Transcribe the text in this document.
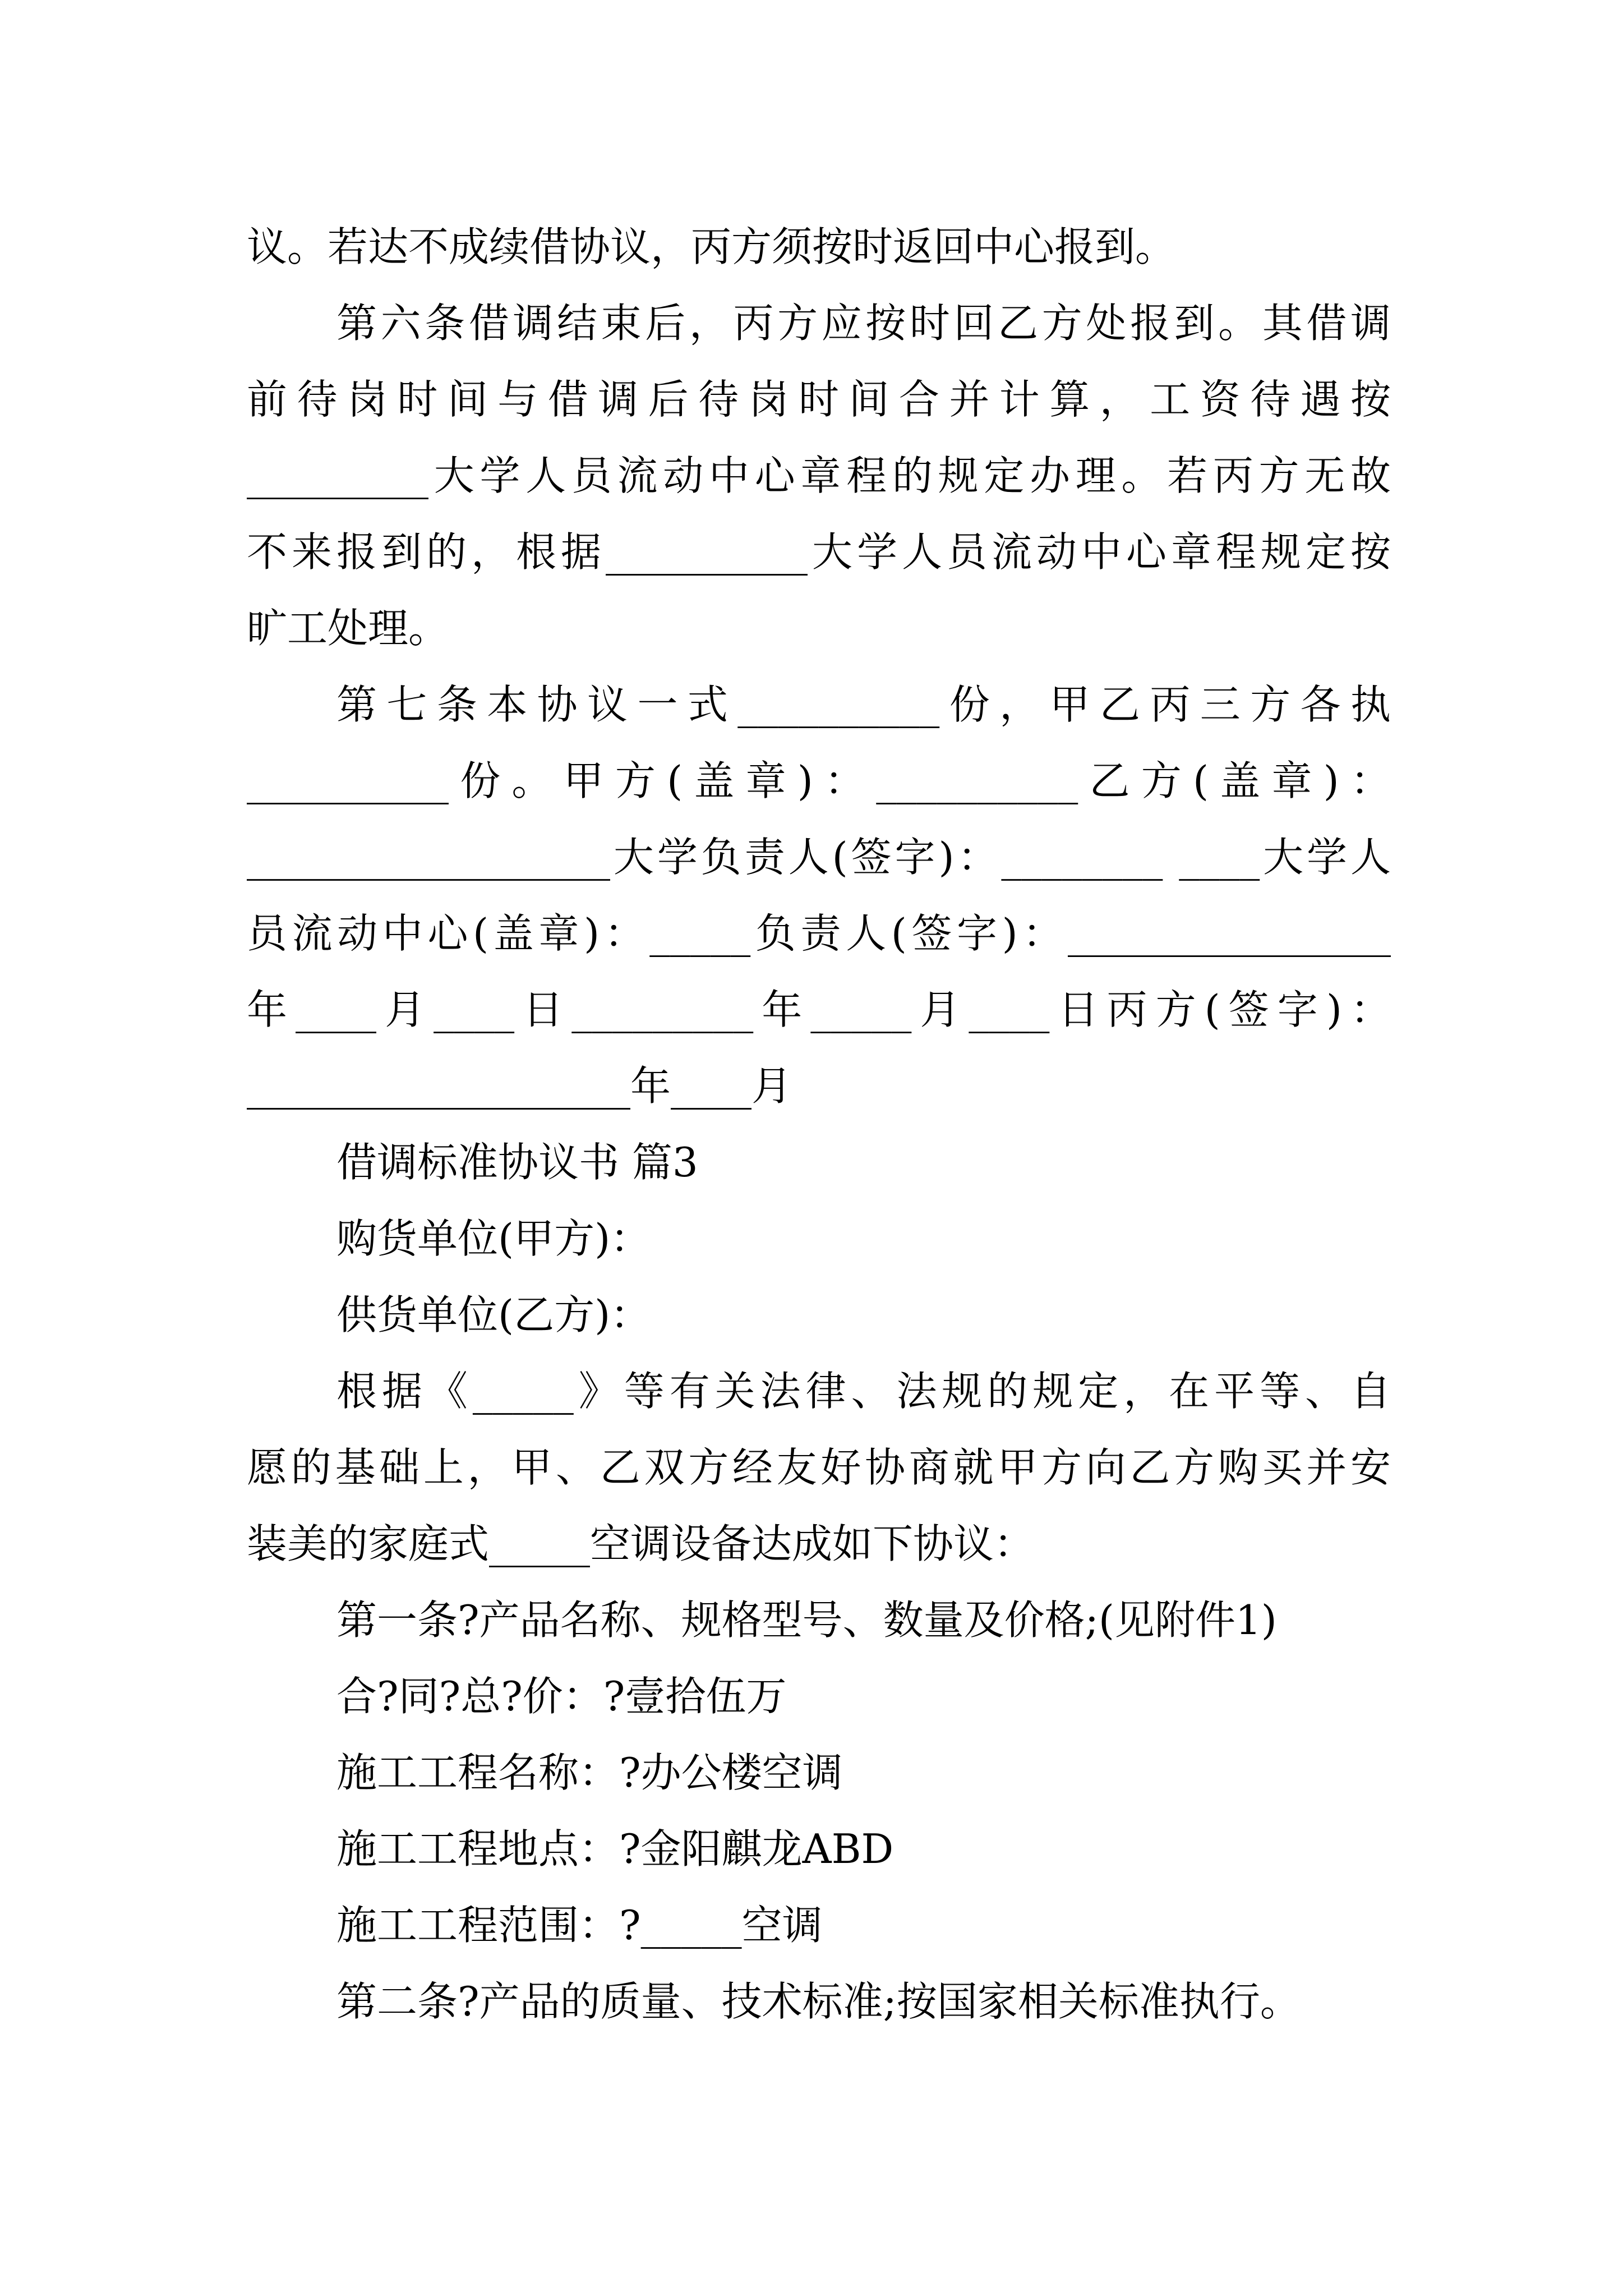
议。若达不成续借协议，丙方须按时返回中心报到。

第六条借调结束后，丙方应按时回乙方处报到。其借调

前待岗时间与借调后待岗时间合并计算，工资待遇按

_________大学人员流动中心章程的规定办理。若丙方无故

不来报到的，根据__________大学人员流动中心章程规定按

旷工处理。

第七条本协议一式__________份，甲乙丙三方各执

__________份。甲方(盖章)：__________乙方(盖章)：

__________________大学负责人(签字)：________ ____大学人

员流动中心(盖章)：_____负责人(签字)：________________

年____月____日_________年_____月____日丙方(签字)：

___________________年____月

借调标准协议书 篇3

购货单位(甲方)：

供货单位(乙方)：

根据《_____》等有关法律、法规的规定，在平等、自

愿的基础上，甲、乙双方经友好协商就甲方向乙方购买并安

装美的家庭式_____空调设备达成如下协议：

第一条?产品名称、规格型号、数量及价格;(见附件1)

合?同?总?价：?壹拾伍万

施工工程名称：?办公楼空调

施工工程地点：?金阳麒龙ABD

施工工程范围：?_____空调

第二条?产品的质量、技术标准;按国家相关标准执行。
